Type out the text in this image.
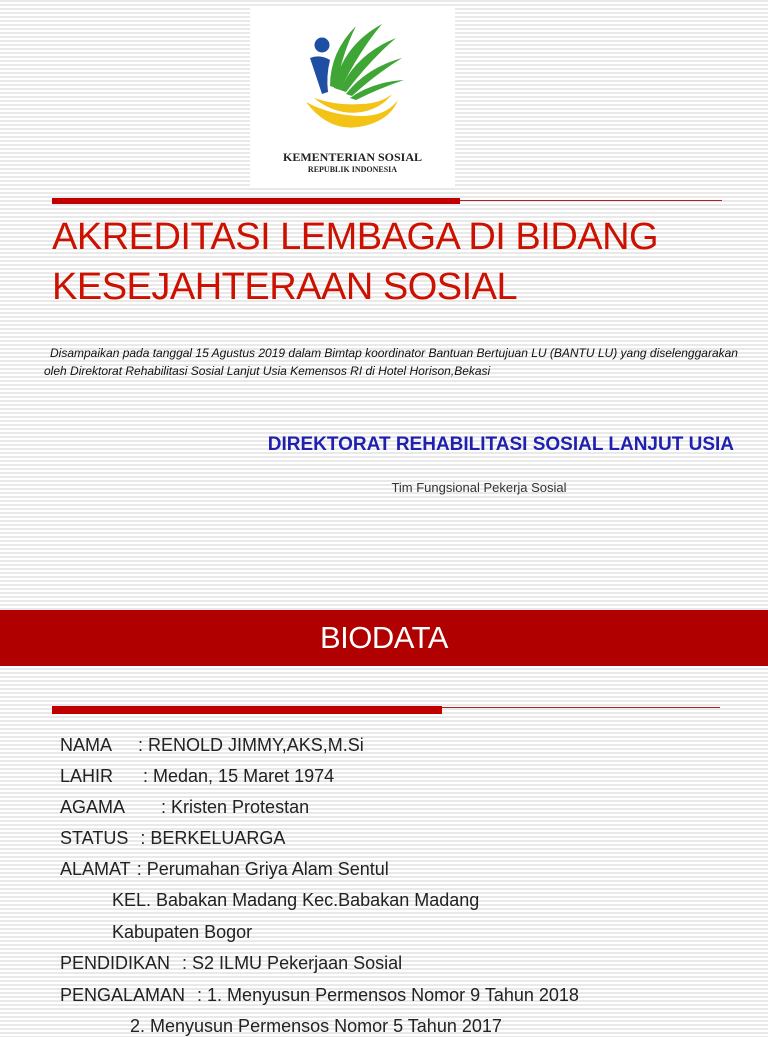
KEMENTERIAN SOSIAL
REPUBLIK INDONESIA
AKREDITASI LEMBAGA DI BIDANG
KESEJAHTERAAN SOSIAL

Disampaikan pada tanggal 15 Agustus 2019 dalam Bimtap koordinator Bantuan Bertujuan LU (BANTU LU) yang diselenggarakan oleh Direktorat Rehabilitasi Sosial Lanjut Usia Kemensos RI di Hotel Horison,Bekasi

DIREKTORAT REHABILITASI SOSIAL LANJUT USIA
Tim Fungsional Pekerja Sosial
BIODATA
NAMA : RENOLD JIMMY,AKS,M.Si
LAHIR : Medan, 15 Maret 1974
AGAMA : Kristen Protestan
STATUS : BERKELUARGA
ALAMAT : Perumahan Griya Alam Sentul
KEL. Babakan Madang Kec.Babakan Madang
Kabupaten Bogor
PENDIDIKAN : S2 ILMU Pekerjaan Sosial
PENGALAMAN : 1. Menyusun Permensos Nomor 9 Tahun 2018
2. Menyusun Permensos Nomor 5 Tahun 2017
